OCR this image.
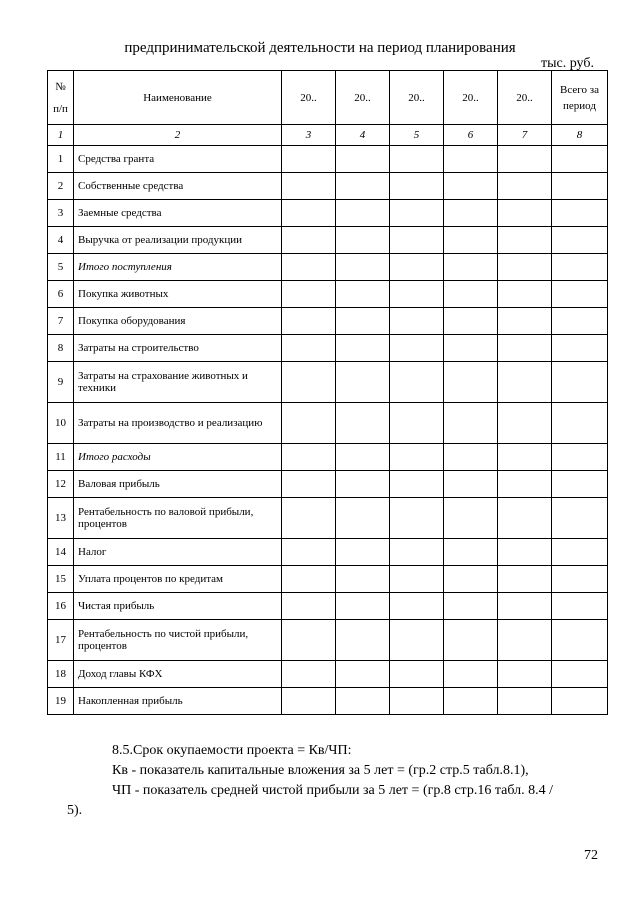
предпринимательской деятельности на период планирования
тыс. руб.
№
п/п	Наименование	20..	20..	20..	20..	20..	Всего за период
1	2	3	4	5	6	7	8
1	Средства гранта						
2	Собственные средства						
3	Заемные средства						
4	Выручка от реализации продукции						
5	Итого поступления						
6	Покупка животных						
7	Покупка оборудования						
8	Затраты на строительство						
9	Затраты на страхование животных и техники						
10	Затраты на производство и реализацию						
11	Итого расходы						
12	Валовая прибыль						
13	Рентабельность по валовой прибыли, процентов						
14	Налог						
15	Уплата процентов по кредитам						
16	Чистая прибыль						
17	Рентабельность по чистой прибыли, процентов						
18	Доход главы КФХ						
19	Накопленная прибыль						
8.5.Срок окупаемости проекта = Кв/ЧП:
Кв - показатель капитальные вложения за 5 лет = (гр.2 стр.5 табл.8.1),
ЧП - показатель средней чистой прибыли за 5 лет = (гр.8 стр.16 табл. 8.4 /
5).
72
